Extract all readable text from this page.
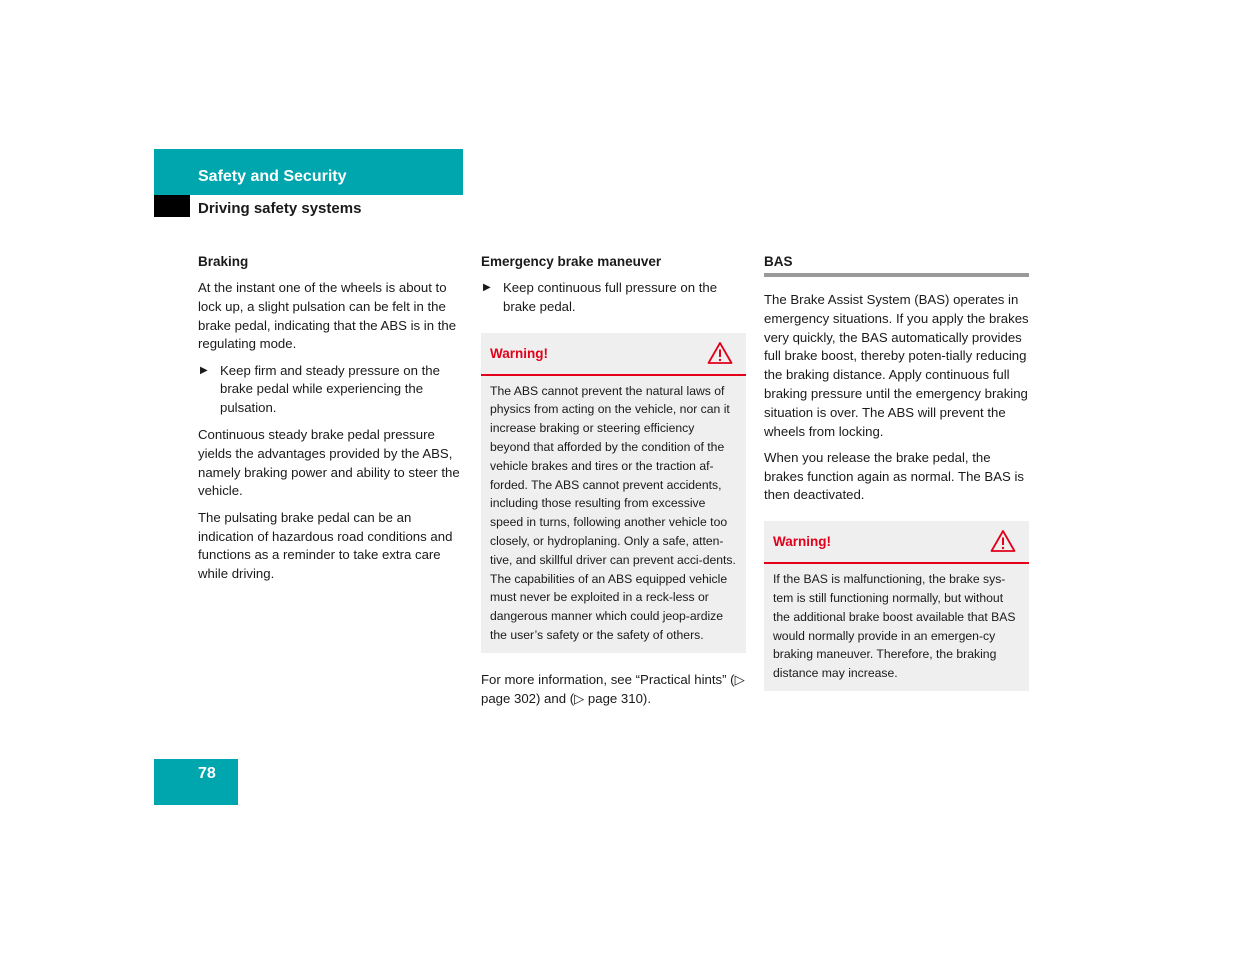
Safety and Security
Driving safety systems
Braking

At the instant one of the wheels is about to lock up, a slight pulsation can be felt in the brake pedal, indicating that the ABS is in the regulating mode.

▶ Keep firm and steady pressure on the brake pedal while experiencing the pulsation.

Continuous steady brake pedal pressure yields the advantages provided by the ABS, namely braking power and ability to steer the vehicle.

The pulsating brake pedal can be an indication of hazardous road conditions and functions as a reminder to take extra care while driving.

Emergency brake maneuver
▶ Keep continuous full pressure on the brake pedal.
Warning!
The ABS cannot prevent the natural laws of physics from acting on the vehicle, nor can it increase braking or steering efficiency beyond that afforded by the condition of the vehicle brakes and tires or the traction af-forded. The ABS cannot prevent accidents, including those resulting from excessive speed in turns, following another vehicle too closely, or hydroplaning. Only a safe, atten-tive, and skillful driver can prevent acci-dents. The capabilities of an ABS equipped vehicle must never be exploited in a reck-less or dangerous manner which could jeop-ardize the user’s safety or the safety of others.

For more information, see “Practical hints” (▷ page 302) and (▷ page 310).

BAS

The Brake Assist System (BAS) operates in emergency situations. If you apply the brakes very quickly, the BAS automatically provides full brake boost, thereby poten-tially reducing the braking distance. Apply continuous full braking pressure until the emergency braking situation is over. The ABS will prevent the wheels from locking.

When you release the brake pedal, the brakes function again as normal. The BAS is then deactivated.

Warning!
If the BAS is malfunctioning, the brake sys-tem is still functioning normally, but without the additional brake boost available that BAS would normally provide in an emergen-cy braking maneuver. Therefore, the braking distance may increase.
78
